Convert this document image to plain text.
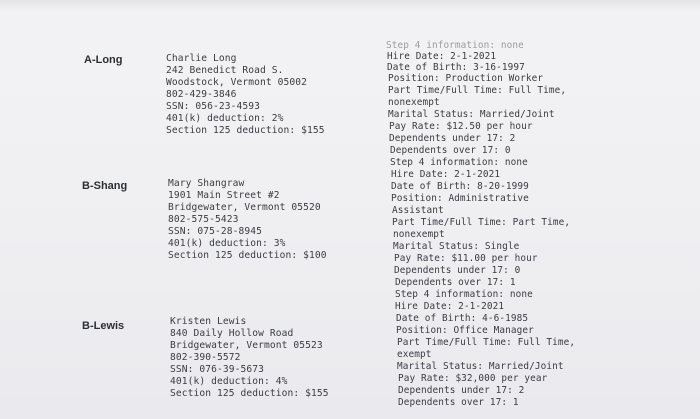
A-Long
B-Shang
B-Lewis
Charlie Long
242 Benedict Road S.
Woodstock, Vermont 05002
802-429-3846
SSN: 056-23-4593
401(k) deduction: 2%
Section 125 deduction: $155
Mary Shangraw
1901 Main Street #2
Bridgewater, Vermont 05520
802-575-5423
SSN: 075-28-8945
401(k) deduction: 3%
Section 125 deduction: $100
Kristen Lewis
840 Daily Hollow Road
Bridgewater, Vermont 05523
802-390-5572
SSN: 076-39-5673
401(k) deduction: 4%
Section 125 deduction: $155
Step 4 information: none
Hire Date: 2-1-2021
Date of Birth: 3-16-1997
Position: Production Worker
Part Time/Full Time: Full Time,
nonexempt
Marital Status: Married/Joint
Pay Rate: $12.50 per hour
Dependents under 17: 2
Dependents over 17: 0
Step 4 information: none
Hire Date: 2-1-2021
Date of Birth: 8-20-1999
Position: Administrative
Assistant
Part Time/Full Time: Part Time,
nonexempt
Marital Status: Single
Pay Rate: $11.00 per hour
Dependents under 17: 0
Dependents over 17: 1
Step 4 information: none
Hire Date: 2-1-2021
Date of Birth: 4-6-1985
Position: Office Manager
Part Time/Full Time: Full Time,
exempt
Marital Status: Married/Joint
Pay Rate: $32,000 per year
Dependents under 17: 2
Dependents over 17: 1
